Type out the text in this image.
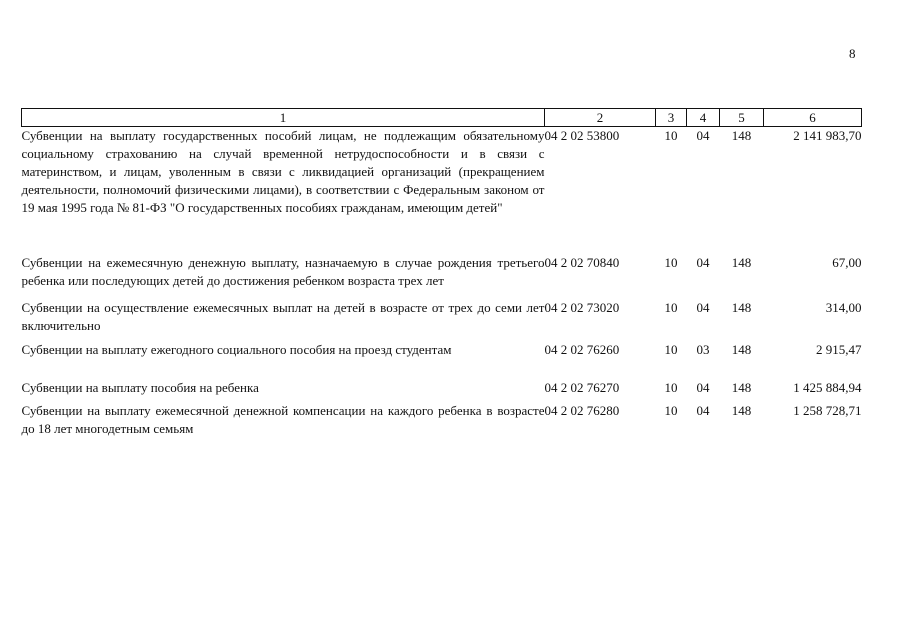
8
1	2	3	4	5	6
Субвенции на выплату государственных пособий лицам, не подлежащим обязательному социальному страхованию на случай временной нетрудоспособности и в связи с материнством, и лицам, уволенным в связи с ликвидацией организаций (прекращением деятельности, полномочий физическими лицами), в соответствии с Федеральным законом от 19 мая 1995 года № 81-ФЗ "О государственных пособиях гражданам, имеющим детей"	04 2 02 53800	10	04	148	2 141 983,70
Субвенции на ежемесячную денежную выплату, назначаемую в случае рождения третьего ребенка или последующих детей до достижения ребенком возраста трех лет	04 2 02 70840	10	04	148	67,00
Субвенции на осуществление ежемесячных выплат на детей в возрасте от трех до семи лет включительно	04 2 02 73020	10	04	148	314,00
Субвенции на выплату ежегодного социального пособия на проезд студентам	04 2 02 76260	10	03	148	2 915,47
Субвенции на выплату пособия на ребенка	04 2 02 76270	10	04	148	1 425 884,94
Субвенции на выплату ежемесячной денежной компенсации на каждого ребенка в возрасте до 18 лет многодетным семьям	04 2 02 76280	10	04	148	1 258 728,71
